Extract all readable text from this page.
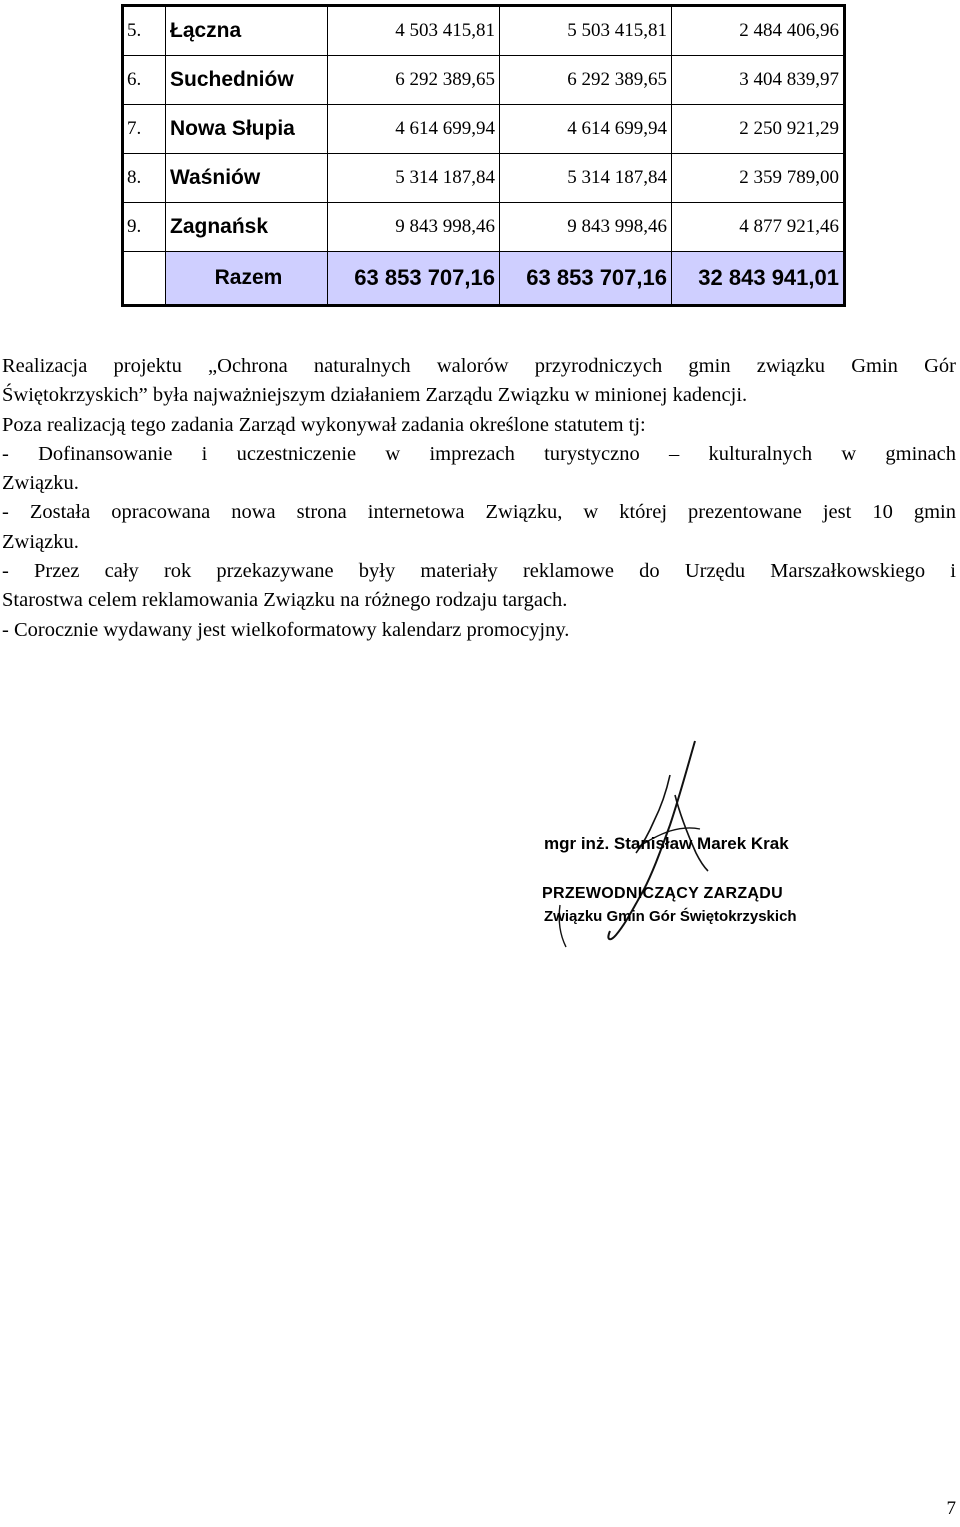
5.	Łączna	4 503 415,81	5 503 415,81	2 484 406,96
6.	Suchedniów	6 292 389,65	6 292 389,65	3 404 839,97
7.	Nowa Słupia	4 614 699,94	4 614 699,94	2 250 921,29
8.	Waśniów	5 314 187,84	5 314 187,84	2 359 789,00
9.	Zagnańsk	9 843 998,46	9 843 998,46	4 877 921,46
	Razem	63 853 707,16	63 853 707,16	32 843 941,01

Realizacja projektu „Ochrona naturalnych walorów przyrodniczych gmin związku Gmin Gór

Świętokrzyskich” była najważniejszym działaniem Zarządu Związku w minionej kadencji.

Poza realizacją tego zadania Zarząd wykonywał zadania określone statutem tj:

- Dofinansowanie i uczestniczenie w imprezach turystyczno – kulturalnych w gminach

Związku.

- Została opracowana nowa strona internetowa Związku, w której prezentowane jest 10 gmin

Związku.

- Przez cały rok przekazywane były materiały reklamowe do Urzędu Marszałkowskiego i

Starostwa celem reklamowania Związku na różnego rodzaju targach.

- Corocznie wydawany jest wielkoformatowy kalendarz promocyjny.

mgr inż. Stanisław Marek Krak
PRZEWODNICZĄCY ZARZĄDU
Związku Gmin Gór Świętokrzyskich
7
